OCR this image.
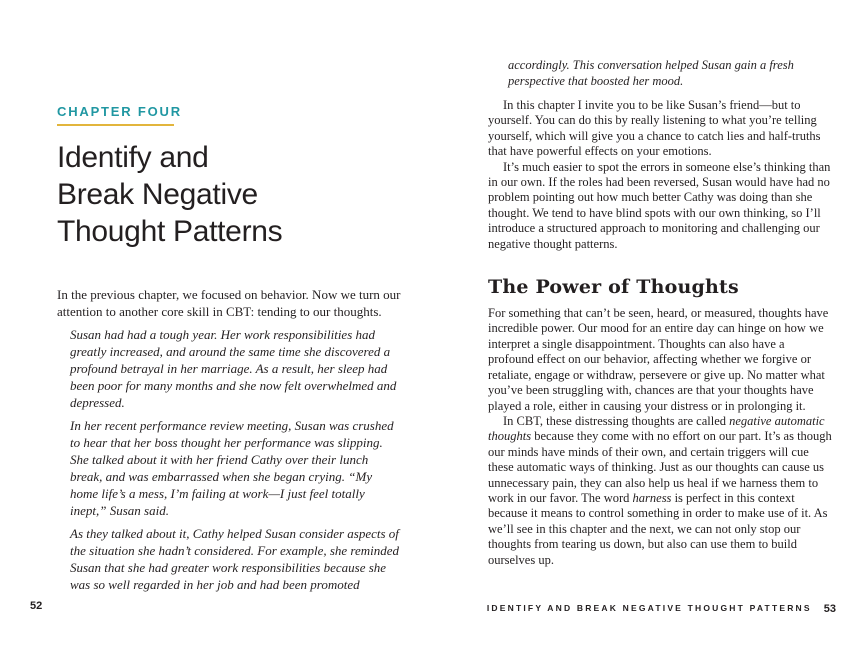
CHAPTER FOUR
Identify and
Break Negative
Thought Patterns

In the previous chapter, we focused on behavior. Now we turn our attention to another core skill in CBT: tending to our thoughts.

Susan had had a tough year. Her work responsibilities had greatly increased, and around the same time she discovered a profound betrayal in her marriage. As a result, her sleep had been poor for many months and she now felt overwhelmed and depressed.

In her recent performance review meeting, Susan was crushed to hear that her boss thought her performance was slipping. She talked about it with her friend Cathy over their lunch break, and was embarrassed when she began crying. “My home life’s a mess, I’m failing at work—I just feel totally inept,” Susan said.

As they talked about it, Cathy helped Susan consider aspects of the situation she hadn’t considered. For example, she reminded Susan that she had greater work responsibilities because she was so well regarded in her job and had been promoted

accordingly. This conversation helped Susan gain a fresh perspective that boosted her mood.

In this chapter I invite you to be like Susan’s friend—but to yourself. You can do this by really listening to what you’re telling yourself, which will give you a chance to catch lies and half-truths that have powerful effects on your emotions.

It’s much easier to spot the errors in someone else’s thinking than in our own. If the roles had been reversed, Susan would have had no problem pointing out how much better Cathy was doing than she thought. We tend to have blind spots with our own thinking, so I’ll introduce a structured approach to monitoring and challenging our negative thought patterns.

The Power of Thoughts

For something that can’t be seen, heard, or measured, thoughts have incredible power. Our mood for an entire day can hinge on how we interpret a single disappointment. Thoughts can also have a profound effect on our behavior, affecting whether we forgive or retaliate, engage or withdraw, persevere or give up. No matter what you’ve been struggling with, chances are that your thoughts have played a role, either in causing your distress or in prolonging it.

In CBT, these distressing thoughts are called negative automatic thoughts because they come with no effort on our part. It’s as though our minds have minds of their own, and certain triggers will cue these automatic ways of thinking. Just as our thoughts can cause us unnecessary pain, they can also help us heal if we harness them to work in our favor. The word harness is perfect in this context because it means to control something in order to make use of it. As we’ll see in this chapter and the next, we can not only stop our thoughts from tearing us down, but also can use them to build ourselves up.

52	IDENTIFY AND BREAK NEGATIVE THOUGHT PATTERNS 53
